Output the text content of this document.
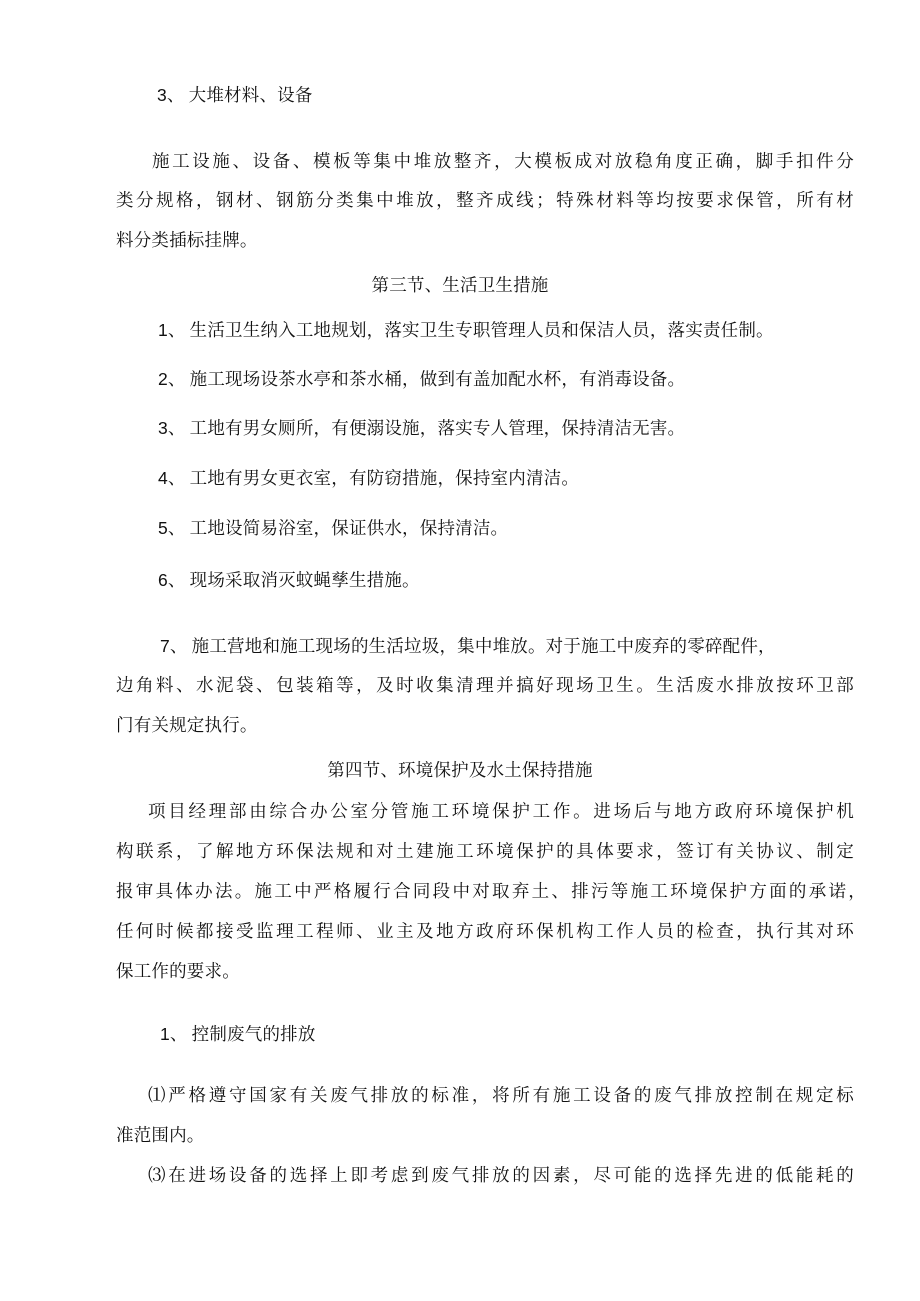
3、 大堆材料、设备
施工设施、设备、模板等集中堆放整齐，大模板成对放稳角度正确，脚手扣件分
类分规格，钢材、钢筋分类集中堆放，整齐成线；特殊材料等均按要求保管，所有材
料分类插标挂牌。
第三节、生活卫生措施
1、 生活卫生纳入工地规划，落实卫生专职管理人员和保洁人员，落实责任制。
2、 施工现场设茶水亭和茶水桶，做到有盖加配水杯，有消毒设备。
3、 工地有男女厕所，有便溺设施，落实专人管理，保持清洁无害。
4、 工地有男女更衣室，有防窃措施，保持室内清洁。
5、 工地设简易浴室，保证供水，保持清洁。
6、 现场采取消灭蚊蝇孳生措施。
7、 施工营地和施工现场的生活垃圾，集中堆放。对于施工中废弃的零碎配件，
边角料、水泥袋、包装箱等，及时收集清理并搞好现场卫生。生活废水排放按环卫部
门有关规定执行。
第四节、环境保护及水土保持措施
项目经理部由综合办公室分管施工环境保护工作。进场后与地方政府环境保护机
构联系，了解地方环保法规和对土建施工环境保护的具体要求，签订有关协议、制定
报审具体办法。施工中严格履行合同段中对取弃土、排污等施工环境保护方面的承诺，
任何时候都接受监理工程师、业主及地方政府环保机构工作人员的检查，执行其对环
保工作的要求。
1、 控制废气的排放
⑴严格遵守国家有关废气排放的标准，将所有施工设备的废气排放控制在规定标
准范围内。
⑶在进场设备的选择上即考虑到废气排放的因素，尽可能的选择先进的低能耗的
